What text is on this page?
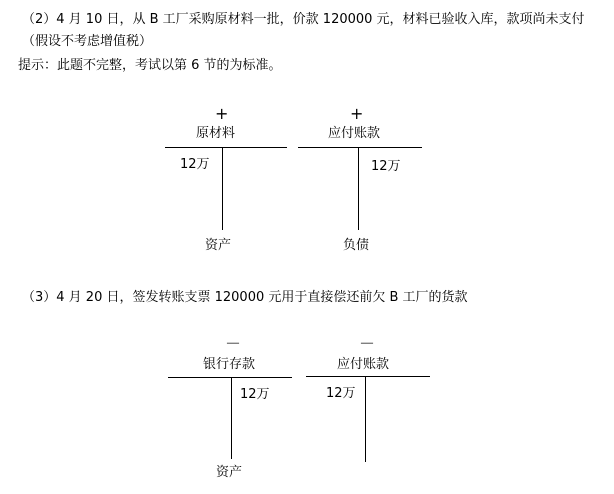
（2）4 月 10 日，从 B 工厂采购原材料一批，价款 120000 元，材料已验收入库，款项尚未支付
（假设不考虑增值税）
提示：此题不完整，考试以第 6 节的为标准。
+
原材料
12万
资产
+
应付账款
12万
负债
（3）4 月 20 日，签发转账支票 120000 元用于直接偿还前欠 B 工厂的货款
－
银行存款
12万
资产
－
应付账款
12万
